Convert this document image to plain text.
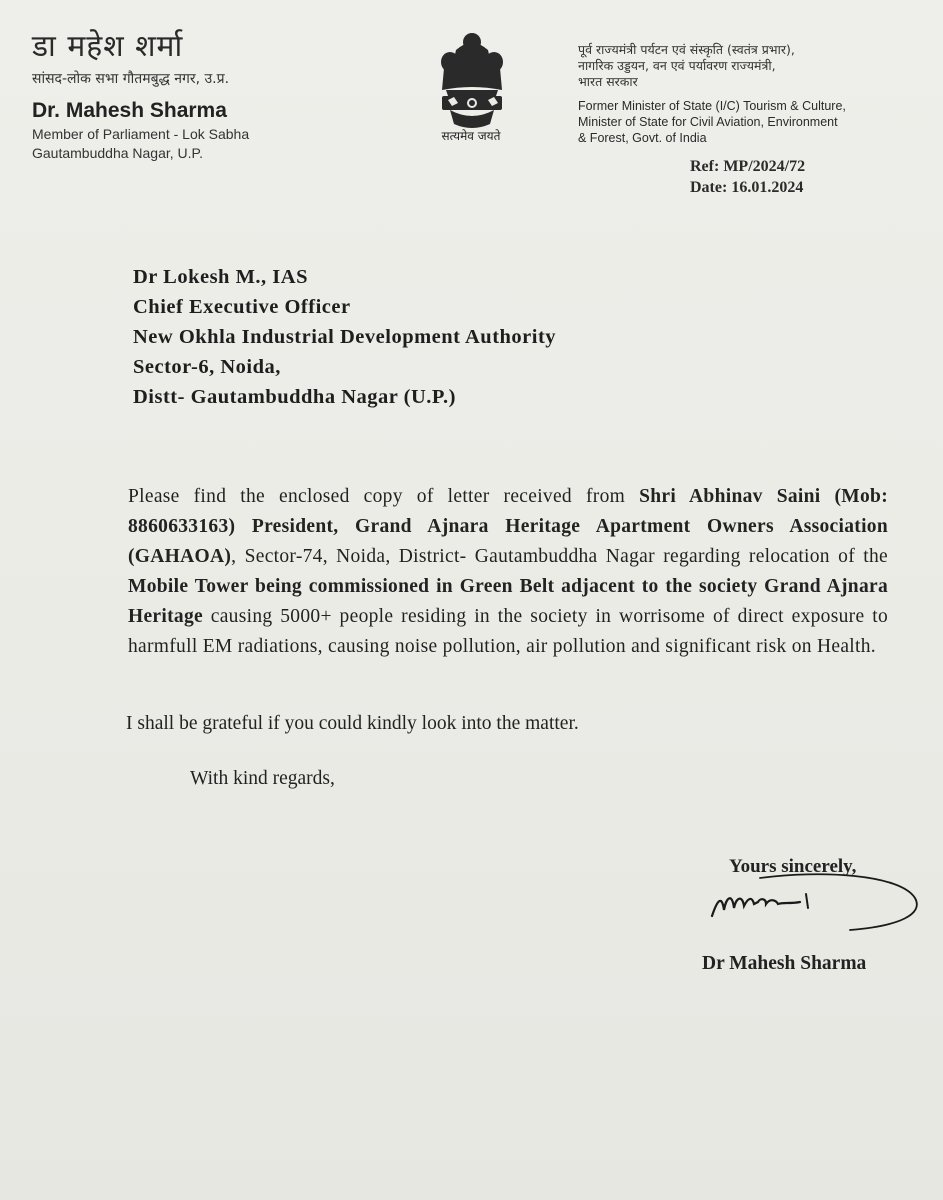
डा महेश शर्मा
सांसद-लोक सभा गौतमबुद्ध नगर, उ.प्र.
Dr. Mahesh Sharma
Member of Parliament - Lok Sabha
Gautambuddha Nagar, U.P.
सत्यमेव जयते
पूर्व राज्यमंत्री पर्यटन एवं संस्कृति (स्वतंत्र प्रभार),
नागरिक उड्डयन, वन एवं पर्यावरण राज्यमंत्री,
भारत सरकार
Former Minister of State (I/C) Tourism & Culture,
Minister of State for Civil Aviation, Environment
& Forest, Govt. of India
Ref: MP/2024/72
Date: 16.01.2024
Dr Lokesh M., IAS
Chief Executive Officer
New Okhla Industrial Development Authority
Sector-6, Noida,
Distt- Gautambuddha Nagar (U.P.)
Please find the enclosed copy of letter received from Shri Abhinav Saini (Mob: 8860633163) President, Grand Ajnara Heritage Apartment Owners Association (GAHAOA), Sector-74, Noida, District- Gautambuddha Nagar regarding relocation of the Mobile Tower being commissioned in Green Belt adjacent to the society Grand Ajnara Heritage causing 5000+ people residing in the society in worrisome of direct exposure to harmfull EM radiations, causing noise pollution, air pollution and significant risk on Health.
I shall be grateful if you could kindly look into the matter.
With kind regards,
Yours sincerely,
Dr Mahesh Sharma
